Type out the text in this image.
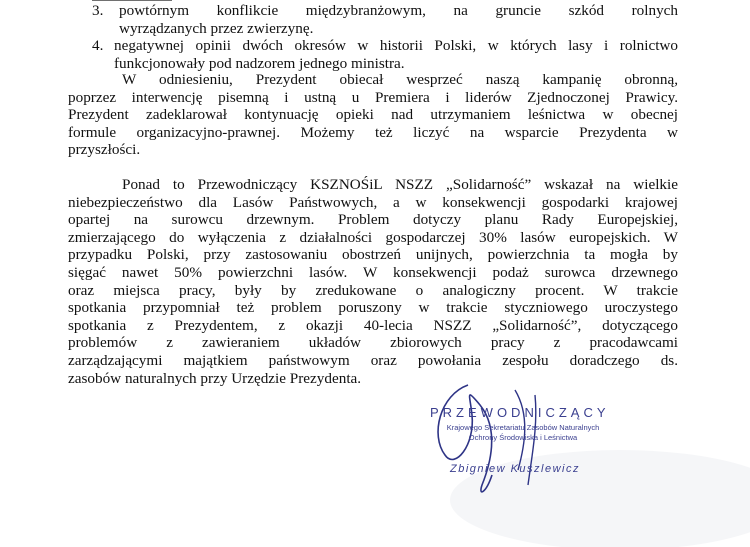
3. powtórnym konflikcie międzybranżowym, na gruncie szkód rolnych
wyrządzanych przez zwierzynę.
4. negatywnej opinii dwóch okresów w historii Polski, w których lasy i rolnictwo
funkcjonowały pod nadzorem jednego ministra.
W odniesieniu, Prezydent obiecał wesprzeć naszą kampanię obronną,
poprzez interwencję pisemną i ustną u Premiera i liderów Zjednoczonej Prawicy.
Prezydent zadeklarował kontynuację opieki nad utrzymaniem leśnictwa w obecnej
formule organizacyjno-prawnej. Możemy też liczyć na wsparcie Prezydenta w
przyszłości.
Ponad to Przewodniczący KSZNOŚiL NSZZ „Solidarność” wskazał na wielkie
niebezpieczeństwo dla Lasów Państwowych, a w konsekwencji gospodarki krajowej
opartej na surowcu drzewnym. Problem dotyczy planu Rady Europejskiej,
zmierzającego do wyłączenia z działalności gospodarczej 30% lasów europejskich. W
przypadku Polski, przy zastosowaniu obostrzeń unijnych, powierzchnia ta mogła by
sięgać nawet 50% powierzchni lasów. W konsekwencji podaż surowca drzewnego
oraz miejsca pracy, były by zredukowane o analogiczny procent. W trakcie
spotkania przypomniał też problem poruszony w trakcie styczniowego uroczystego
spotkania z Prezydentem, z okazji 40-lecia NSZZ „Solidarność”, dotyczącego
problemów z zawieraniem układów zbiorowych pracy z pracodawcami
zarządzającymi majątkiem państwowym oraz powołania zespołu doradczego ds.
zasobów naturalnych przy Urzędzie Prezydenta.
PRZEWODNICZĄCY
Krajowego Sekretariatu Zasobów Naturalnych
Ochrony Środowiska i Leśnictwa
Zbigniew Kuszlewicz
